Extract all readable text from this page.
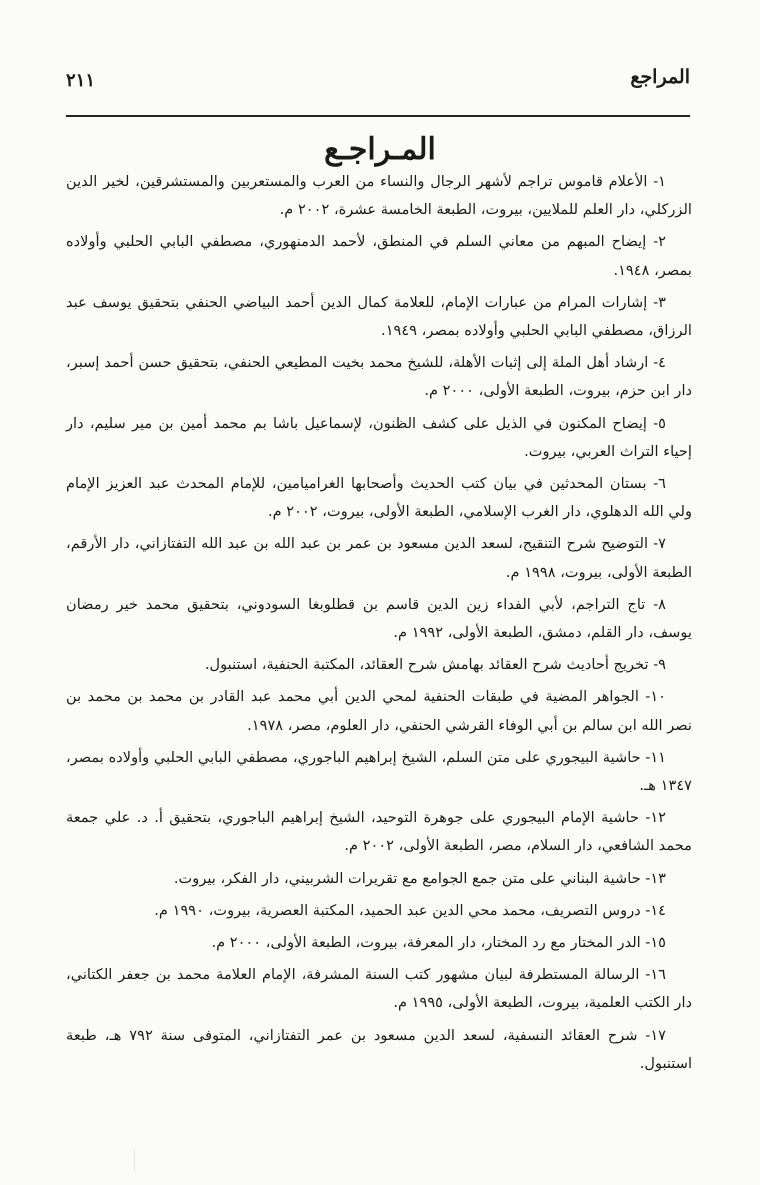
المراجع
٢١١
المـراجـع

١- الأعلام قاموس تراجم لأشهر الرجال والنساء من العرب والمستعربين والمستشرقين، لخير الدين الزركلي، دار العلم للملايين، بيروت، الطبعة الخامسة عشرة، ٢٠٠٢ م.

٢- إيضاح المبهم من معاني السلم في المنطق، لأحمد الدمنهوري، مصطفي البابي الحلبي وأولاده بمصر، ١٩٤٨.

٣- إشارات المرام من عبارات الإمام، للعلامة كمال الدين أحمد البياضي الحنفي بتحقيق يوسف عبد الرزاق، مصطفي البابي الحلبي وأولاده بمصر، ١٩٤٩.

٤- ارشاد أهل الملة إلى إثبات الأهلة، للشيخ محمد بخيت المطيعي الحنفي، بتحقيق حسن أحمد إسبر، دار ابن حزم، بيروت، الطبعة الأولى، ٢٠٠٠ م.

٥- إيضاح المكنون في الذيل على كشف الظنون، لإسماعيل باشا بم محمد أمين بن مير سليم، دار إحياء التراث العربي، بيروت.

٦- بستان المحدثين في بيان كتب الحديث وأصحابها الغراميامين، للإمام المحدث عبد العزيز الإمام ولي الله الدهلوي، دار الغرب الإسلامي، الطبعة الأولى، بيروت، ٢٠٠٢ م.

٧- التوضيح شرح التنقيح، لسعد الدين مسعود بن عمر بن عبد الله بن عبد الله التفتازاني، دار الأرقم، الطبعة الأولى، بيروت، ١٩٩٨ م.

٨- تاج التراجم، لأبي الفداء زين الدين قاسم بن قطلوبغا السودوني، بتحقيق محمد خير رمضان يوسف، دار القلم، دمشق، الطبعة الأولى، ١٩٩٢ م.

٩- تخريج أحاديث شرح العقائد بهامش شرح العقائد، المكتبة الحنفية، استنبول.

١٠- الجواهر المضية في طبقات الحنفية لمحي الدين أبي محمد عبد القادر بن محمد بن محمد بن نصر الله ابن سالم بن أبي الوفاء القرشي الحنفي، دار العلوم، مصر، ١٩٧٨.

١١- حاشية البيجوري على متن السلم، الشيخ إبراهيم الباجوري، مصطفي البابي الحلبي وأولاده بمصر، ١٣٤٧ هـ.

١٢- حاشية الإمام البيجوري على جوهرة التوحيد، الشيخ إبراهيم الباجوري، بتحقيق أ. د. علي جمعة محمد الشافعي، دار السلام، مصر، الطبعة الأولى، ٢٠٠٢ م.

١٣- حاشية البناني على متن جمع الجوامع مع تقريرات الشربيني، دار الفكر، بيروت.

١٤- دروس التصريف، محمد محي الدين عبد الحميد، المكتبة العصرية، بيروت، ١٩٩٠ م.

١٥- الدر المختار مع رد المختار، دار المعرفة، بيروت، الطبعة الأولى، ٢٠٠٠ م.

١٦- الرسالة المستطرفة لبيان مشهور كتب السنة المشرفة، الإمام العلامة محمد بن جعفر الكتاني، دار الكتب العلمية، بيروت، الطبعة الأولى، ١٩٩٥ م.

١٧- شرح العقائد النسفية، لسعد الدين مسعود بن عمر التفتازاني، المتوفى سنة ٧٩٢ هـ، طبعة استنبول.
